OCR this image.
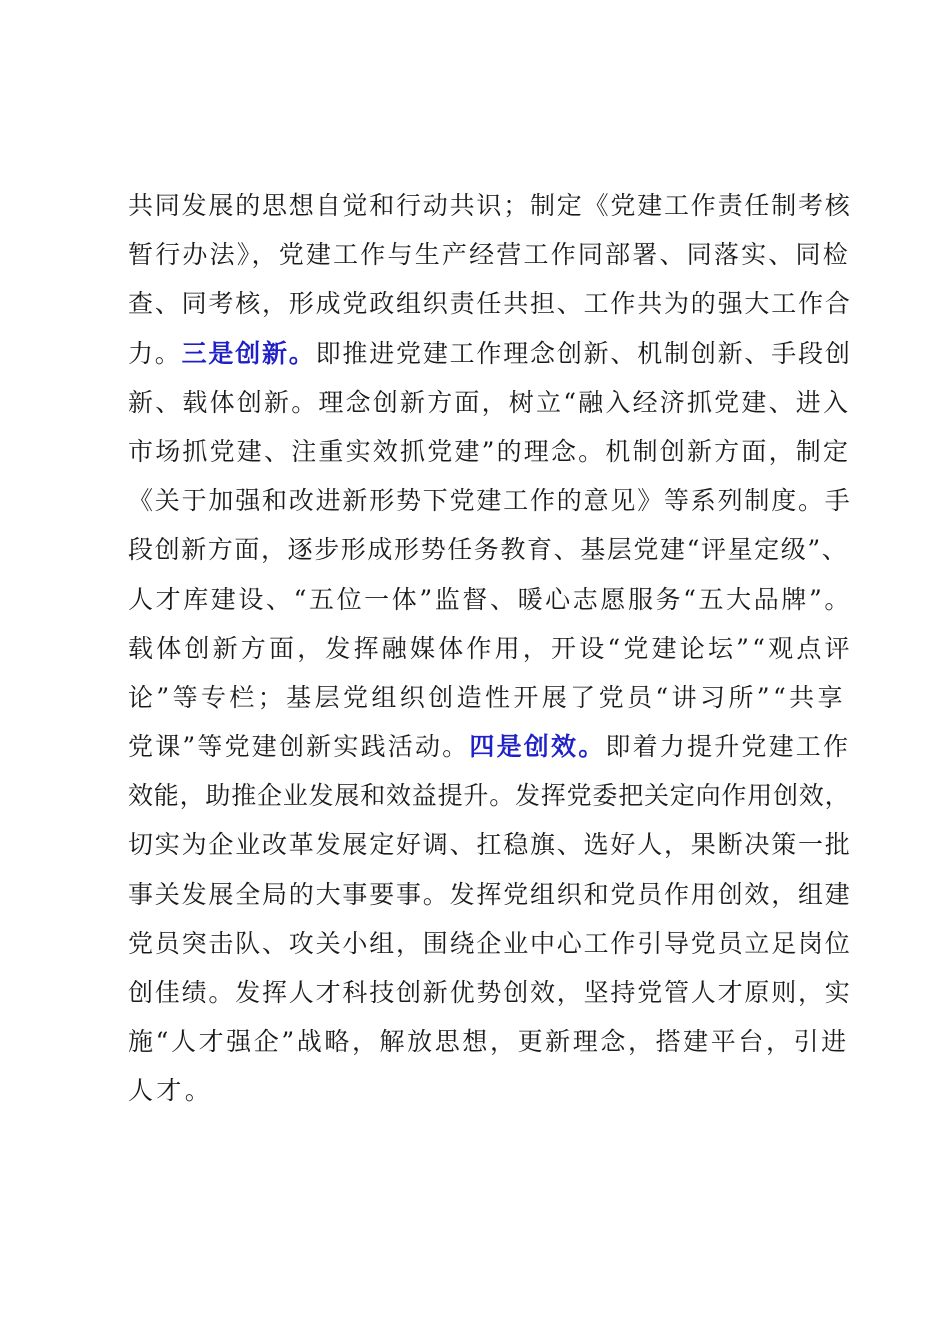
共同发展的思想自觉和行动共识；制定《党建工作责任制考核
暂行办法》，党建工作与生产经营工作同部署、同落实、同检
查、同考核，形成党政组织责任共担、工作共为的强大工作合
力。三是创新。即推进党建工作理念创新、机制创新、手段创
新、载体创新。理念创新方面，树立“融入经济抓党建、进入
市场抓党建、注重实效抓党建”的理念。机制创新方面，制定
《关于加强和改进新形势下党建工作的意见》等系列制度。手
段创新方面，逐步形成形势任务教育、基层党建“评星定级”、
人才库建设、“五位一体”监督、暖心志愿服务“五大品牌”。
载体创新方面，发挥融媒体作用，开设“党建论坛”“观点评
论”等专栏；基层党组织创造性开展了党员“讲习所”“共享
党课”等党建创新实践活动。四是创效。即着力提升党建工作
效能，助推企业发展和效益提升。发挥党委把关定向作用创效，
切实为企业改革发展定好调、扛稳旗、选好人，果断决策一批
事关发展全局的大事要事。发挥党组织和党员作用创效，组建
党员突击队、攻关小组，围绕企业中心工作引导党员立足岗位
创佳绩。发挥人才科技创新优势创效，坚持党管人才原则，实
施“人才强企”战略，解放思想，更新理念，搭建平台，引进
人才。
